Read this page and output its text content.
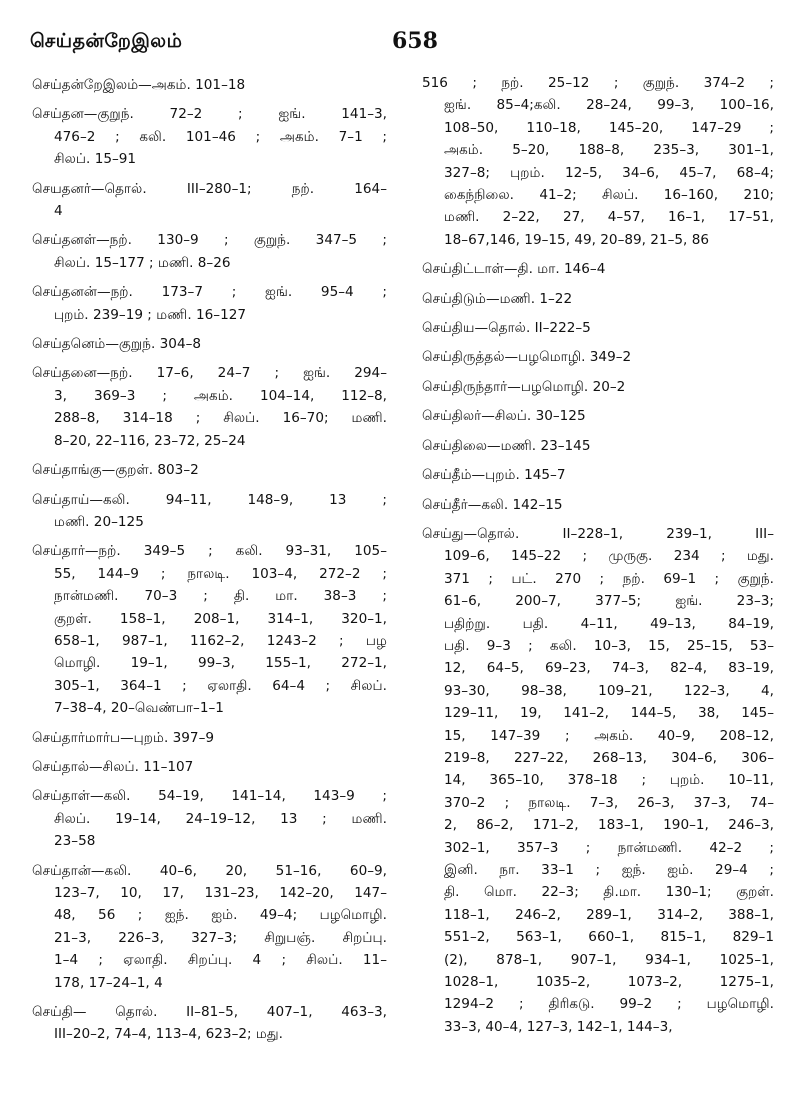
செய்தன்றேஇலம்	658
செய்தன்றேஇலம்—அகம். 101–18
செய்தன—குறுந். 72–2 ; ஐங். 141–3,
476–2 ; கலி. 101–46 ; அகம். 7–1 ;
சிலப். 15–91
செயதனர்—தொல். III–280–1; நற். 164–
4
செய்தனள்—நற். 130–9 ; குறுந். 347–5 ;
சிலப். 15–177 ; மணி. 8–26
செய்தனன்—நற். 173–7 ; ஐங். 95–4 ;
புறம். 239–19 ; மணி. 16–127
செய்தனெம்—குறுந். 304–8
செய்தனை—நற். 17–6, 24–7 ; ஐங். 294–
3, 369–3 ; அகம். 104–14, 112–8,
288–8, 314–18 ; சிலப். 16–70; மணி.
8–20, 22–116, 23–72, 25–24
செய்தாங்கு—குறள். 803–2
செய்தாய்—கலி. 94–11, 148–9, 13 ;
மணி. 20–125
செய்தார்—நற். 349–5 ; கலி. 93–31, 105–
55, 144–9 ; நாலடி. 103–4, 272–2 ;
நான்மணி. 70–3 ; தி. மா. 38–3 ;
குறள். 158–1, 208–1, 314–1, 320–1,
658–1, 987–1, 1162–2, 1243–2 ; பழ
மொழி. 19–1, 99–3, 155–1, 272–1,
305–1, 364–1 ; ஏலாதி. 64–4 ; சிலப்.
7–38–4, 20–வெண்பா–1–1
செய்தார்மார்ப—புறம். 397–9
செய்தால்—சிலப். 11–107
செய்தாள்—கலி. 54–19, 141–14, 143–9 ;
சிலப். 19–14, 24–19–12, 13 ; மணி.
23–58
செய்தான்—கலி. 40–6, 20, 51–16, 60–9,
123–7, 10, 17, 131–23, 142–20, 147–
48, 56 ; ஐந். ஐம். 49–4; பழமொழி.
21–3, 226–3, 327–3; சிறுபஞ். சிறப்பு.
1–4 ; ஏலாதி. சிறப்பு. 4 ; சிலப். 11–
178, 17–24–1, 4
செய்தி— தொல். II–81–5, 407–1, 463–3,
III–20–2, 74–4, 113–4, 623–2; மது.
516 ; நற். 25–12 ; குறுந். 374–2 ;
ஐங். 85–4;கலி. 28–24, 99–3, 100–16,
108–50, 110–18, 145–20, 147–29 ;
அகம். 5–20, 188–8, 235–3, 301–1,
327–8; புறம். 12–5, 34–6, 45–7, 68–4;
கைந்நிலை. 41–2; சிலப். 16–160, 210;
மணி. 2–22, 27, 4–57, 16–1, 17–51,
18–67,146, 19–15, 49, 20–89, 21–5, 86
செய்திட்டாள்—தி. மா. 146–4
செய்திடும்—மணி. 1–22
செய்திய—தொல். II–222–5
செய்திருத்தல்—பழமொழி. 349–2
செய்திருந்தார்—பழமொழி. 20–2
செய்திலர்—சிலப். 30–125
செய்திலை—மணி. 23–145
செய்தீம்—புறம். 145–7
செய்தீர்—கலி. 142–15
செய்து—தொல். II–228–1, 239–1, III–
109–6, 145–22 ; முருகு. 234 ; மது.
371 ; பட். 270 ; நற். 69–1 ; குறுந்.
61–6, 200–7, 377–5; ஐங். 23–3;
பதிற்று. பதி. 4–11, 49–13, 84–19,
பதி. 9–3 ; கலி. 10–3, 15, 25–15, 53–
12, 64–5, 69–23, 74–3, 82–4, 83–19,
93–30, 98–38, 109–21, 122–3, 4,
129–11, 19, 141–2, 144–5, 38, 145–
15, 147–39 ; அகம். 40–9, 208–12,
219–8, 227–22, 268–13, 304–6, 306–
14, 365–10, 378–18 ; புறம். 10–11,
370–2 ; நாலடி. 7–3, 26–3, 37–3, 74–
2, 86–2, 171–2, 183–1, 190–1, 246–3,
302–1, 357–3 ; நான்மணி. 42–2 ;
இனி. நா. 33–1 ; ஐந். ஐம். 29–4 ;
தி. மொ. 22–3; தி.மா. 130–1; குறள்.
118–1, 246–2, 289–1, 314–2, 388–1,
551–2, 563–1, 660–1, 815–1, 829–1
(2), 878–1, 907–1, 934–1, 1025–1,
1028–1, 1035–2, 1073–2, 1275–1,
1294–2 ; திரிகடு. 99–2 ; பழமொழி.
33–3, 40–4, 127–3, 142–1, 144–3,
